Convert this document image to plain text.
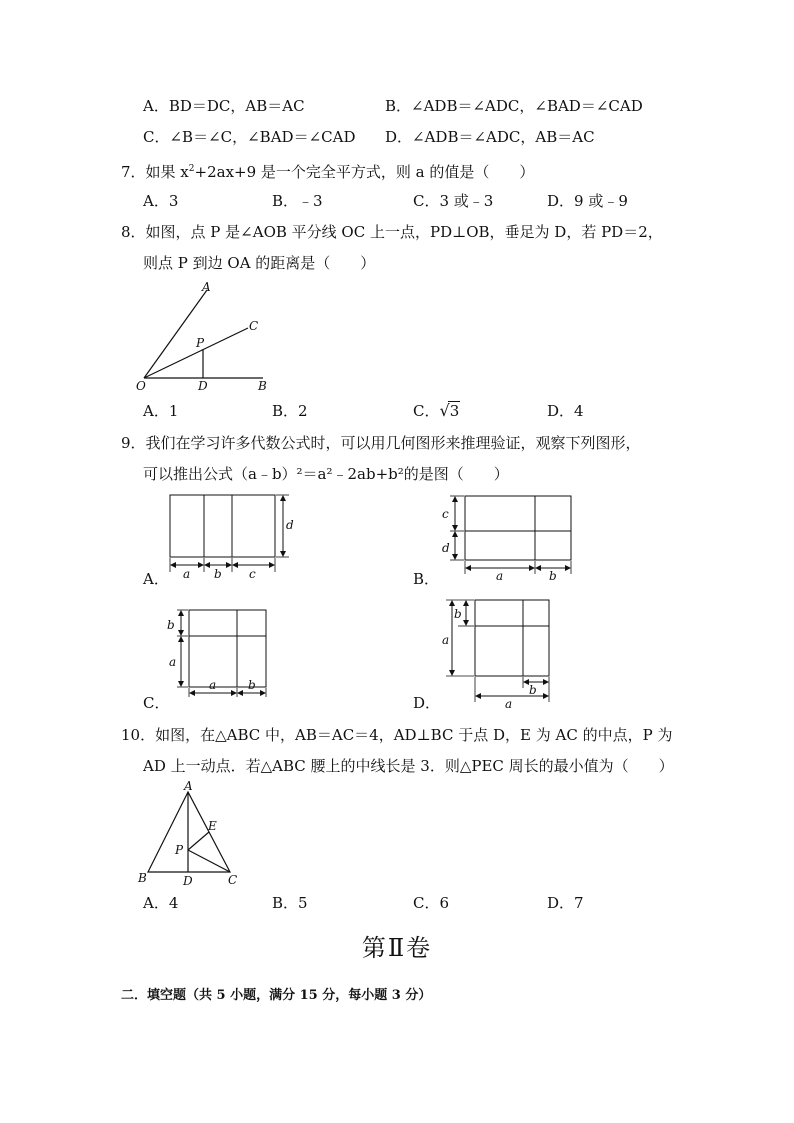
A．BD＝DC，AB＝AC	B．∠ADB＝∠ADC，∠BAD＝∠CAD
C．∠B＝∠C，∠BAD＝∠CAD D．∠ADB＝∠ADC，AB＝AC
7．如果 $x^2+2ax+9$ 是一个完全平方式，则 a 的值是（　　）
A．3	B．﹣3	C．3 或﹣3	D．9 或﹣9
8．如图，点 P 是∠AOB 平分线 OC 上一点，PD⊥OB，垂足为 D，若 PD＝2，
则点 P 到边 OA 的距离是（　　）
A
C
P
O	D	B
A．1	B．2	C．√
3	D．4
9．我们在学习许多代数公式时，可以用几何图形来推理验证，观察下列图形，
可以推出公式（a﹣b）²＝a²﹣2ab+b²的是图（　　）
a b c
d
A．
c
d
a	b
B．
b
a
a	b
C．
a
b
b
a
D．
10．如图，在△ABC 中，AB＝AC＝4，AD⊥BC 于点 D，E 为 AC 的中点，P 为
AD 上一动点．若△ABC 腰上的中线长是 3．则△PEC 周长的最小值为（　　）
A
E
P
B	D	C
A．4	B．5	C．6	D．7
第Ⅱ卷
二．填空题（共 5 小题，满分 15 分，每小题 3 分）
